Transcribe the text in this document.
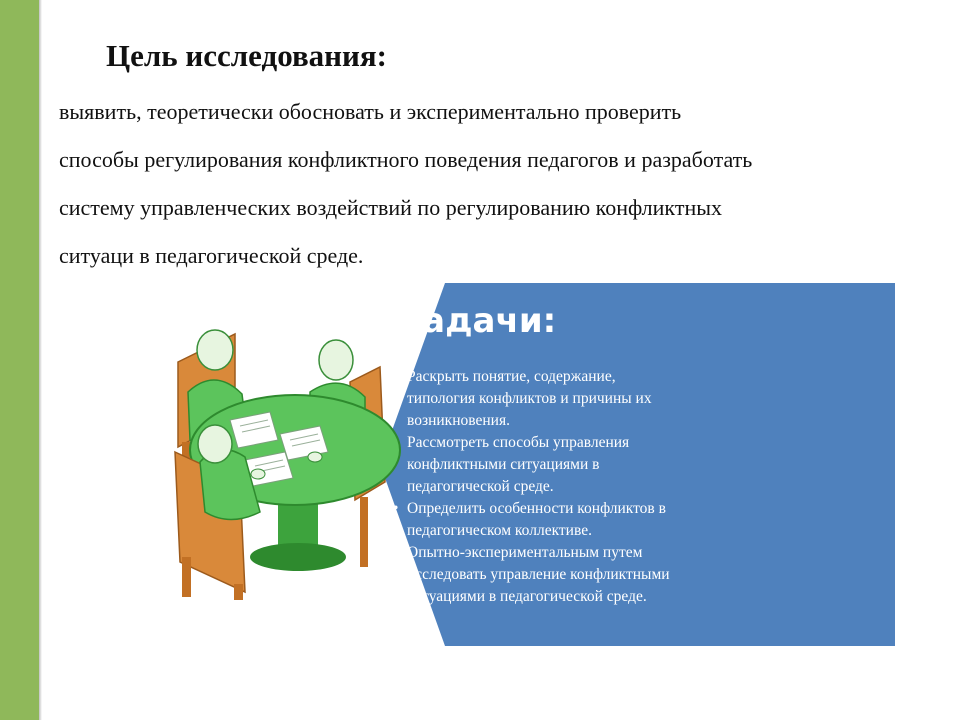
Цель исследования:

выявить, теоретически обосновать и экспериментально проверить
способы регулирования конфликтного поведения педагогов и разработать
систему управленческих воздействий по регулированию конфликтных
ситуаци в педагогической среде.

Задачи:
• Раскрыть понятие, содержание,
типология конфликтов и причины их
возникновения.
• Рассмотреть способы управления
конфликтными ситуациями в
педагогической среде.
• Определить особенности конфликтов в
педагогическом коллективе.
• Опытно-экспериментальным путем
исследовать управление конфликтными
ситуациями в педагогической среде.
